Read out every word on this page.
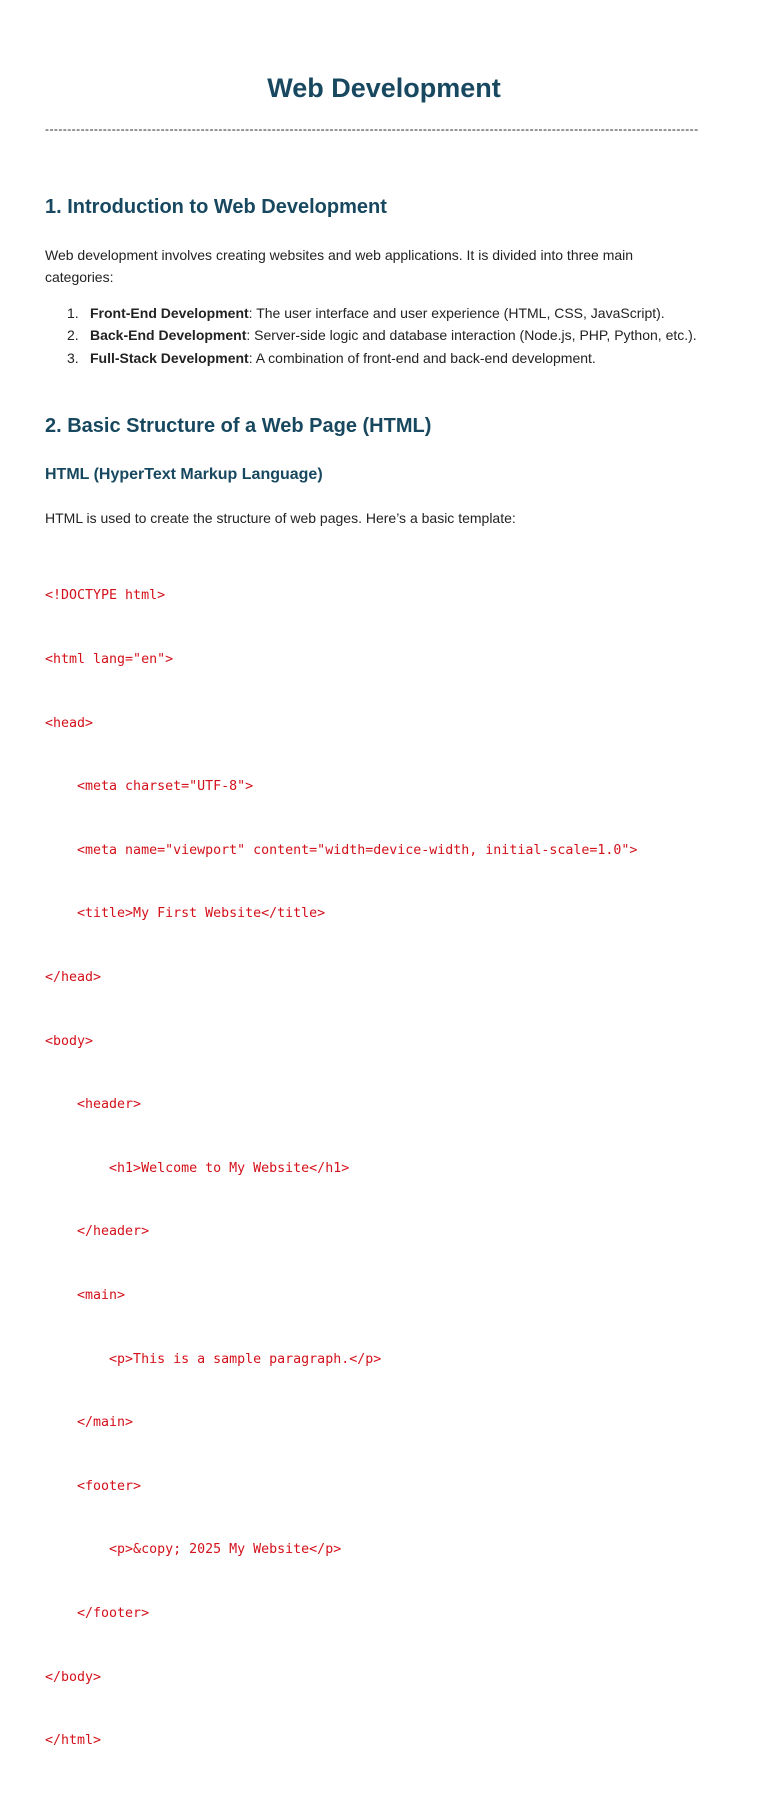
Web Development
---------------------------------------------------------------------------------------------------------------------------------------------------
1. Introduction to Web Development

Web development involves creating websites and web applications. It is divided into three main categories:

1. Front-End Development: The user interface and user experience (HTML, CSS, JavaScript).
2. Back-End Development: Server-side logic and database interaction (Node.js, PHP, Python, etc.).
3. Full-Stack Development: A combination of front-end and back-end development.
2. Basic Structure of a Web Page (HTML)
HTML (HyperText Markup Language)

HTML is used to create the structure of web pages. Here’s a basic template:

<!DOCTYPE html>

<html lang="en">

<head>

<meta charset="UTF-8">

<meta name="viewport" content="width=device-width, initial-scale=1.0">

<title>My First Website</title>

</head>

<body>

<header>

<h1>Welcome to My Website</h1>

</header>

<main>

<p>This is a sample paragraph.</p>

</main>

<footer>

<p>&copy; 2025 My Website</p>

</footer>

</body>

</html>
